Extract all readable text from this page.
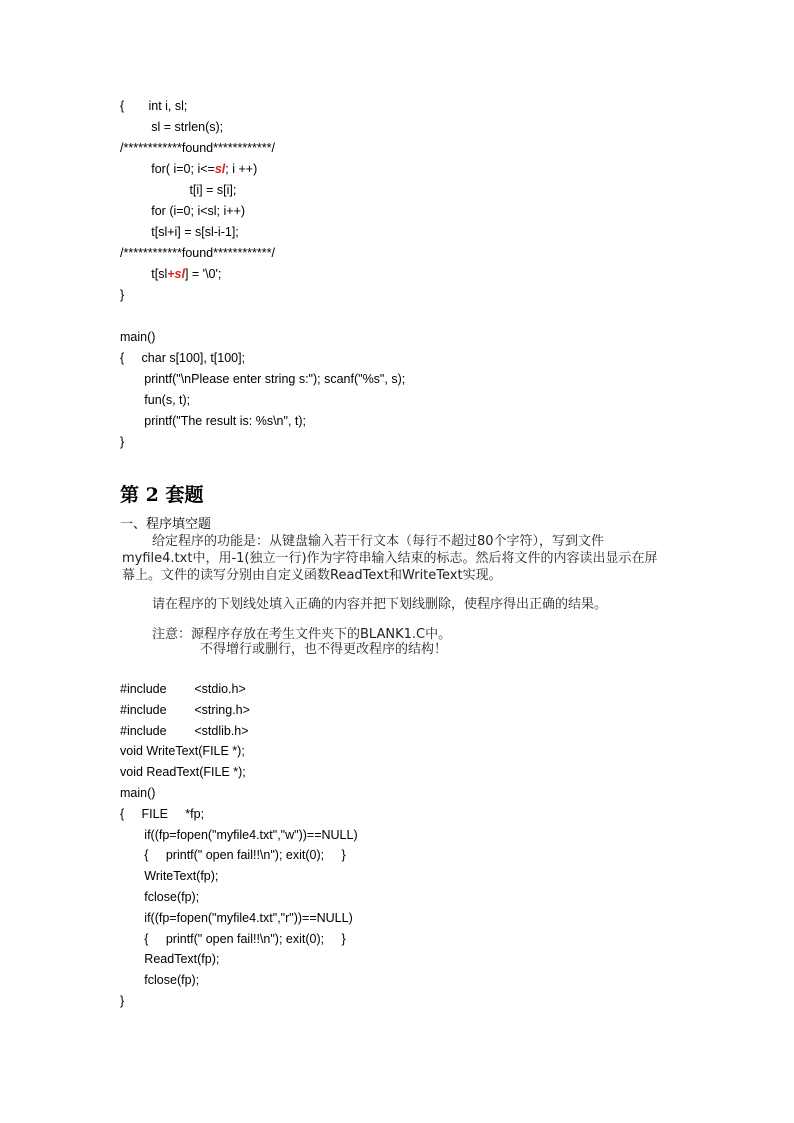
{       int i, sl;
sl = strlen(s);
/************found************/
for( i=0; i<=sl; i ++)
t[i] = s[i];
for (i=0; i<sl; i++)
t[sl+i] = s[sl-i-1];
/************found************/
t[sl+sl] = '\0';
}
main()
{     char s[100], t[100];
printf("\nPlease enter string s:"); scanf("%s", s);
fun(s, t);
printf("The result is: %s\n", t);
}
第 2 套题
一、程序填空题
给定程序的功能是：从键盘输入若干行文本（每行不超过80个字符），写到文件myfile4.txt中，用-1(独立一行)作为字符串输入结束的标志。然后将文件的内容读出显示在屏幕上。文件的读写分别由自定义函数ReadText和WriteText实现。
请在程序的下划线处填入正确的内容并把下划线删除，使程序得出正确的结果。
注意：源程序存放在考生文件夹下的BLANK1.C中。
不得增行或删行，也不得更改程序的结构！
#include        <stdio.h>
#include        <string.h>
#include        <stdlib.h>
void WriteText(FILE *);
void ReadText(FILE *);
main()
{     FILE     *fp;
if((fp=fopen("myfile4.txt","w"))==NULL)
{     printf(" open fail!!\n"); exit(0);     }
WriteText(fp);
fclose(fp);
if((fp=fopen("myfile4.txt","r"))==NULL)
{     printf(" open fail!!\n"); exit(0);     }
ReadText(fp);
fclose(fp);
}
